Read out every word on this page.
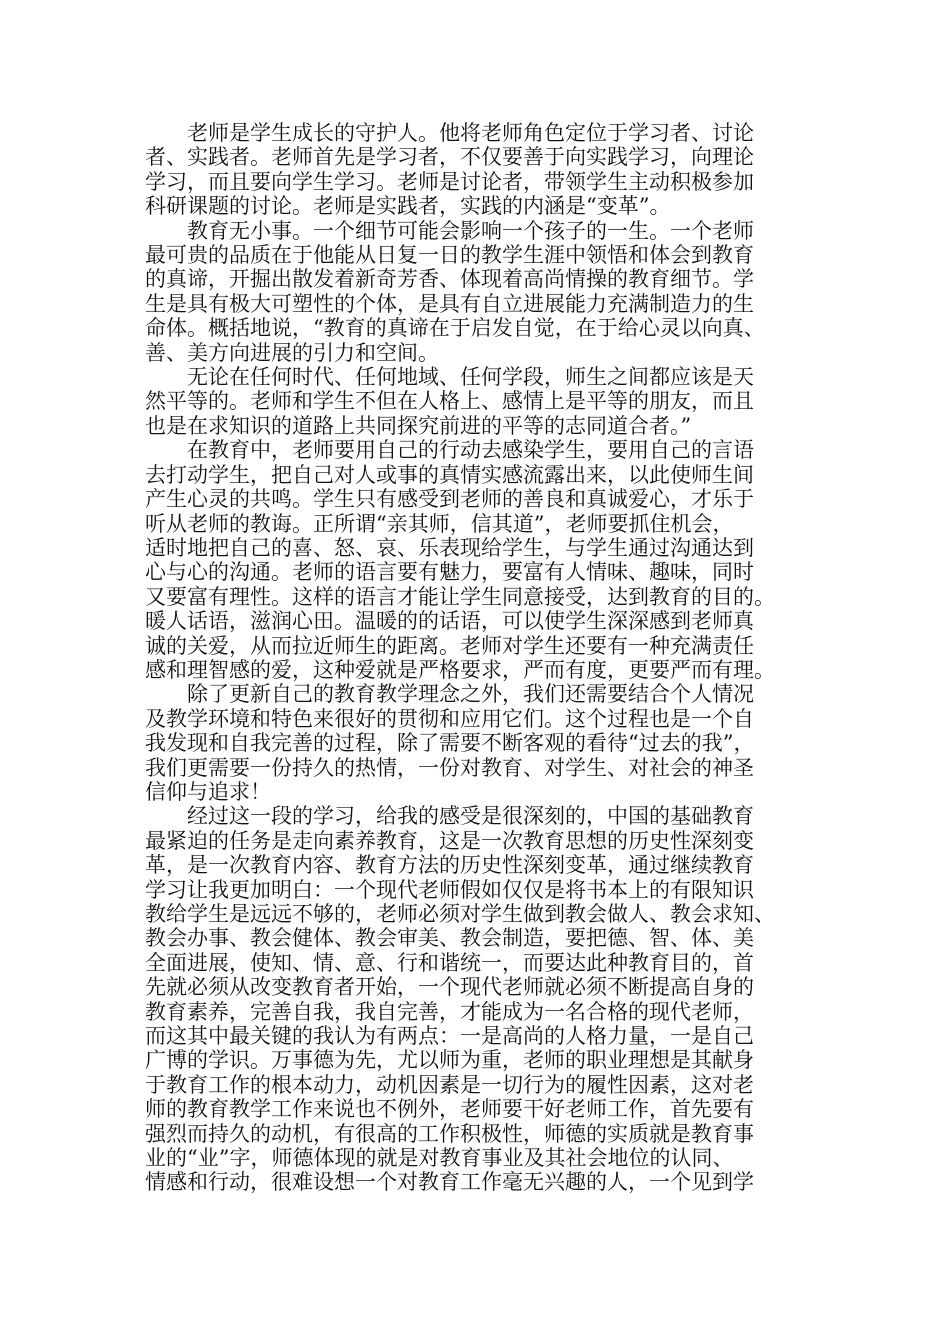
老师是学生成长的守护人。他将老师角色定位于学习者、讨论
者、实践者。老师首先是学习者，不仅要善于向实践学习，向理论
学习，而且要向学生学习。老师是讨论者，带领学生主动积极参加
科研课题的讨论。老师是实践者，实践的内涵是“变革”。
教育无小事。一个细节可能会影响一个孩子的一生。一个老师
最可贵的品质在于他能从日复一日的教学生涯中领悟和体会到教育
的真谛，开掘出散发着新奇芳香、体现着高尚情操的教育细节。学
生是具有极大可塑性的个体，是具有自立进展能力充满制造力的生
命体。概括地说，“教育的真谛在于启发自觉，在于给心灵以向真、
善、美方向进展的引力和空间。
无论在任何时代、任何地域、任何学段，师生之间都应该是天
然平等的。老师和学生不但在人格上、感情上是平等的朋友，而且
也是在求知识的道路上共同探究前进的平等的志同道合者。”
在教育中，老师要用自己的行动去感染学生，要用自己的言语
去打动学生，把自己对人或事的真情实感流露出来，以此使师生间
产生心灵的共鸣。学生只有感受到老师的善良和真诚爱心，才乐于
听从老师的教诲。正所谓“亲其师，信其道”，老师要抓住机会，
适时地把自己的喜、怒、哀、乐表现给学生，与学生通过沟通达到
心与心的沟通。老师的语言要有魅力，要富有人情味、趣味，同时
又要富有理性。这样的语言才能让学生同意接受，达到教育的目的。
暖人话语，滋润心田。温暖的的话语，可以使学生深深感到老师真
诚的关爱，从而拉近师生的距离。老师对学生还要有一种充满责任
感和理智感的爱，这种爱就是严格要求，严而有度，更要严而有理。
除了更新自己的教育教学理念之外，我们还需要结合个人情况
及教学环境和特色来很好的贯彻和应用它们。这个过程也是一个自
我发现和自我完善的过程，除了需要不断客观的看待“过去的我”，
我们更需要一份持久的热情，一份对教育、对学生、对社会的神圣
信仰与追求！
经过这一段的学习，给我的感受是很深刻的，中国的基础教育
最紧迫的任务是走向素养教育，这是一次教育思想的历史性深刻变
革，是一次教育内容、教育方法的历史性深刻变革，通过继续教育
学习让我更加明白：一个现代老师假如仅仅是将书本上的有限知识
教给学生是远远不够的，老师必须对学生做到教会做人、教会求知、
教会办事、教会健体、教会审美、教会制造，要把德、智、体、美
全面进展，使知、情、意、行和谐统一，而要达此种教育目的，首
先就必须从改变教育者开始，一个现代老师就必须不断提高自身的
教育素养，完善自我，我自完善，才能成为一名合格的现代老师，
而这其中最关键的我认为有两点：一是高尚的人格力量，一是自己
广博的学识。万事德为先，尤以师为重，老师的职业理想是其献身
于教育工作的根本动力，动机因素是一切行为的履性因素，这对老
师的教育教学工作来说也不例外，老师要干好老师工作，首先要有
强烈而持久的动机，有很高的工作积极性，师德的实质就是教育事
业的“业”字，师德体现的就是对教育事业及其社会地位的认同、
情感和行动，很难设想一个对教育工作毫无兴趣的人，一个见到学
